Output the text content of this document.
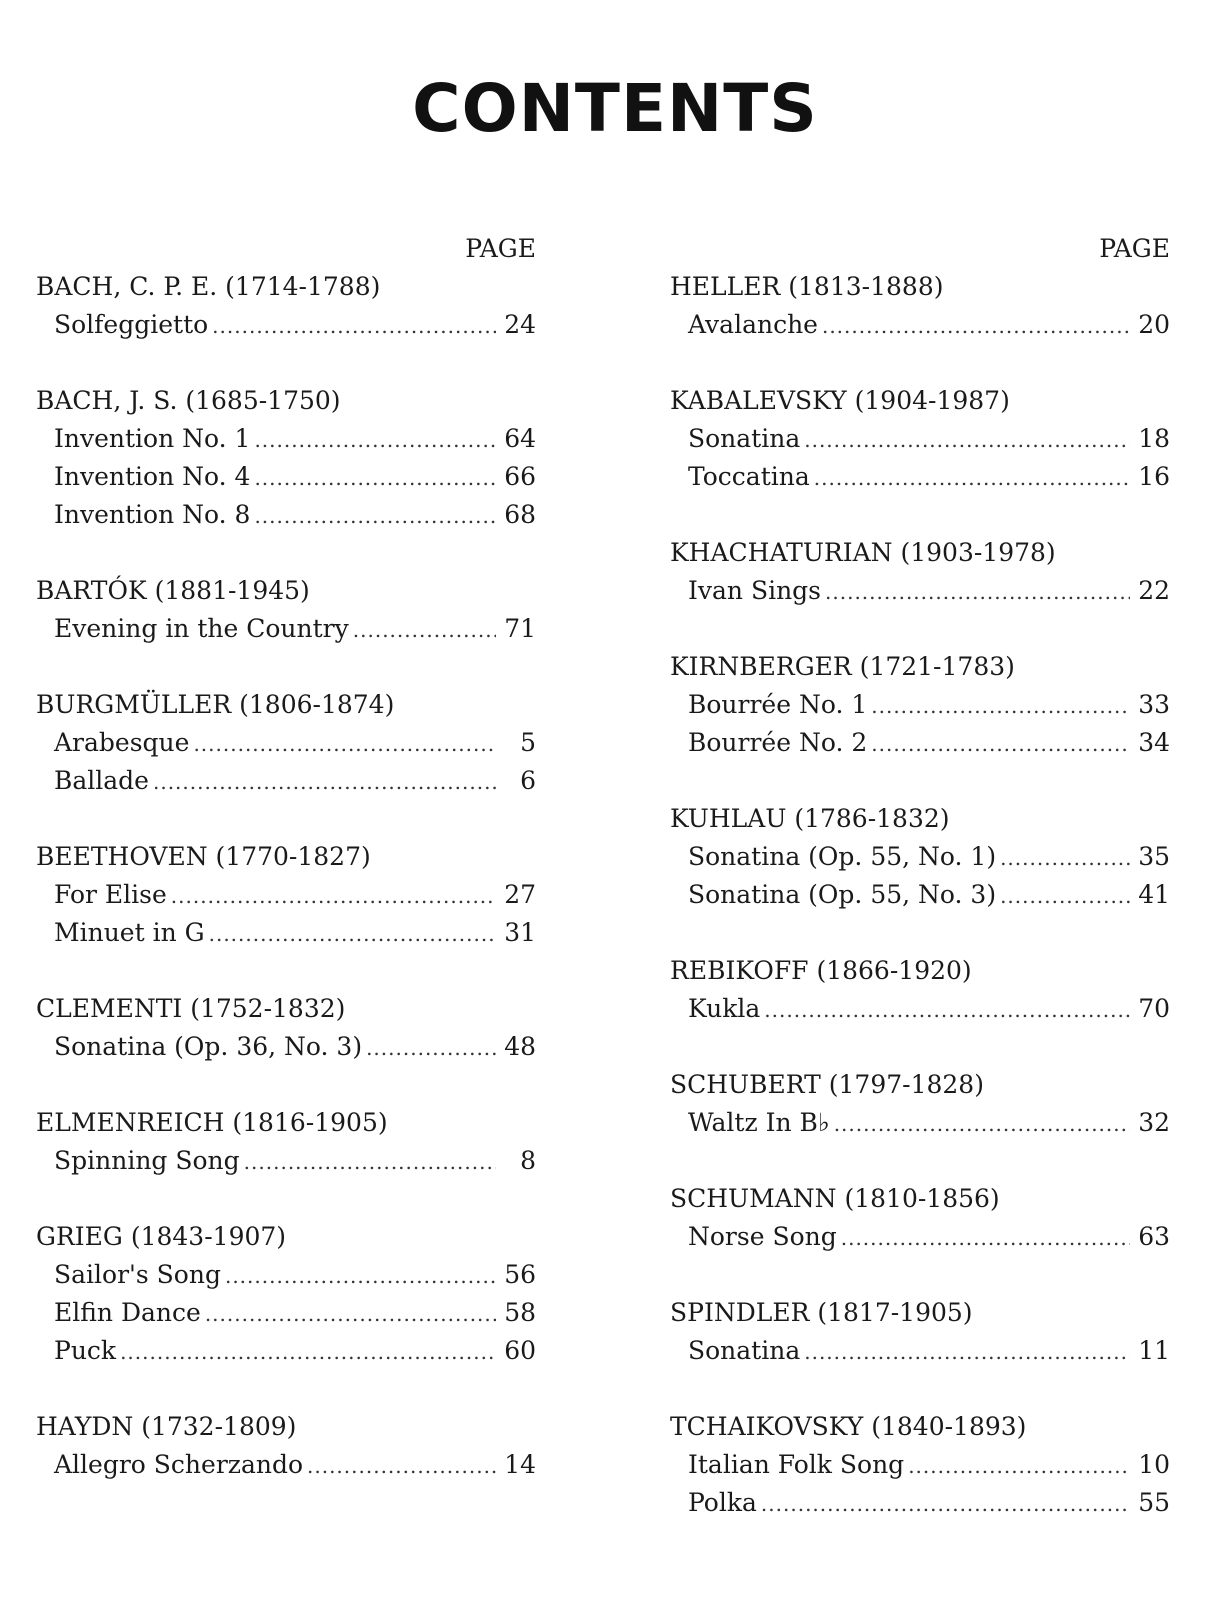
CONTENTS
PAGE
BACH, C. P. E. (1714-1788)
Solfeggietto .....	24
BACH, J. S. (1685-1750)
Invention No. 1 .....	64
Invention No. 4 .....	66
Invention No. 8 .....	68
BARTÓK (1881-1945)
Evening in the Country .....	71
BURGMÜLLER (1806-1874)
Arabesque .....	5
Ballade .....	6
BEETHOVEN (1770-1827)
For Elise .....	27
Minuet in G .....	31
CLEMENTI (1752-1832)
Sonatina (Op. 36, No. 3) .....	48
ELMENREICH (1816-1905)
Spinning Song .....	8
GRIEG (1843-1907)
Sailor's Song .....	56
Elfin Dance .....	58
Puck .....	60
HAYDN (1732-1809)
Allegro Scherzando .....	14
PAGE
HELLER (1813-1888)
Avalanche .....	20
KABALEVSKY (1904-1987)
Sonatina .....	18
Toccatina .....	16
KHACHATURIAN (1903-1978)
Ivan Sings .....	22
KIRNBERGER (1721-1783)
Bourrée No. 1 .....	33
Bourrée No. 2 .....	34
KUHLAU (1786-1832)
Sonatina (Op. 55, No. 1) .....	35
Sonatina (Op. 55, No. 3) .....	41
REBIKOFF (1866-1920)
Kukla .....	70
SCHUBERT (1797-1828)
Waltz In B♭ .....	32
SCHUMANN (1810-1856)
Norse Song .....	63
SPINDLER (1817-1905)
Sonatina .....	11
TCHAIKOVSKY (1840-1893)
Italian Folk Song .....	10
Polka .....	55
